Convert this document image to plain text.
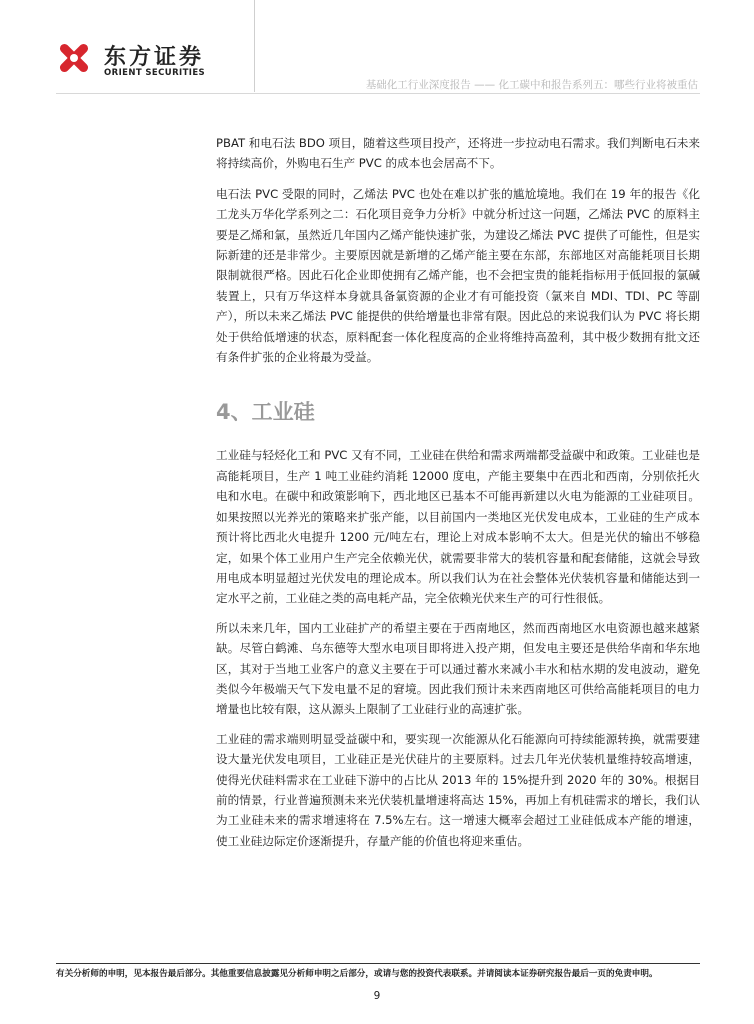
东方证券
ORIENT SECURITIES
基础化工行业深度报告 —— 化工碳中和报告系列五：哪些行业将被重估

PBAT 和电石法 BDO 项目，随着这些项目投产，还将进一步拉动电石需求。我们判断电石未来将持续高价，外购电石生产 PVC 的成本也会居高不下。

电石法 PVC 受限的同时，乙烯法 PVC 也处在难以扩张的尴尬境地。我们在 19 年的报告《化工龙头万华化学系列之二：石化项目竞争力分析》中就分析过这一问题，乙烯法 PVC 的原料主要是乙烯和氯，虽然近几年国内乙烯产能快速扩张，为建设乙烯法 PVC 提供了可能性，但是实际新建的还是非常少。主要原因就是新增的乙烯产能主要在东部，东部地区对高能耗项目长期限制就很严格。因此石化企业即使拥有乙烯产能，也不会把宝贵的能耗指标用于低回报的氯碱装置上，只有万华这样本身就具备氯资源的企业才有可能投资（氯来自 MDI、TDI、PC 等副产），所以未来乙烯法 PVC 能提供的供给增量也非常有限。因此总的来说我们认为 PVC 将长期处于供给低增速的状态，原料配套一体化程度高的企业将维持高盈利，其中极少数拥有批文还有条件扩张的企业将最为受益。

4、工业硅

工业硅与轻烃化工和 PVC 又有不同，工业硅在供给和需求两端都受益碳中和政策。工业硅也是高能耗项目，生产 1 吨工业硅约消耗 12000 度电，产能主要集中在西北和西南，分别依托火电和水电。在碳中和政策影响下，西北地区已基本不可能再新建以火电为能源的工业硅项目。如果按照以光养光的策略来扩张产能，以目前国内一类地区光伏发电成本，工业硅的生产成本预计将比西北火电提升 1200 元/吨左右，理论上对成本影响不太大。但是光伏的输出不够稳定，如果个体工业用户生产完全依赖光伏，就需要非常大的装机容量和配套储能，这就会导致用电成本明显超过光伏发电的理论成本。所以我们认为在社会整体光伏装机容量和储能达到一定水平之前，工业硅之类的高电耗产品，完全依赖光伏来生产的可行性很低。

所以未来几年，国内工业硅扩产的希望主要在于西南地区，然而西南地区水电资源也越来越紧缺。尽管白鹤滩、乌东德等大型水电项目即将进入投产期，但发电主要还是供给华南和华东地区，其对于当地工业客户的意义主要在于可以通过蓄水来减小丰水和枯水期的发电波动，避免类似今年极端天气下发电量不足的窘境。因此我们预计未来西南地区可供给高能耗项目的电力增量也比较有限，这从源头上限制了工业硅行业的高速扩张。

工业硅的需求端则明显受益碳中和，要实现一次能源从化石能源向可持续能源转换，就需要建设大量光伏发电项目，工业硅正是光伏硅片的主要原料。过去几年光伏装机量维持较高增速，使得光伏硅料需求在工业硅下游中的占比从 2013 年的 15%提升到 2020 年的 30%。根据目前的情景，行业普遍预测未来光伏装机量增速将高达 15%，再加上有机硅需求的增长，我们认为工业硅未来的需求增速将在 7.5%左右。这一增速大概率会超过工业硅低成本产能的增速，使工业硅边际定价逐渐提升，存量产能的价值也将迎来重估。

有关分析师的申明，见本报告最后部分。其他重要信息披露见分析师申明之后部分，或请与您的投资代表联系。并请阅读本证券研究报告最后一页的免责申明。
9
